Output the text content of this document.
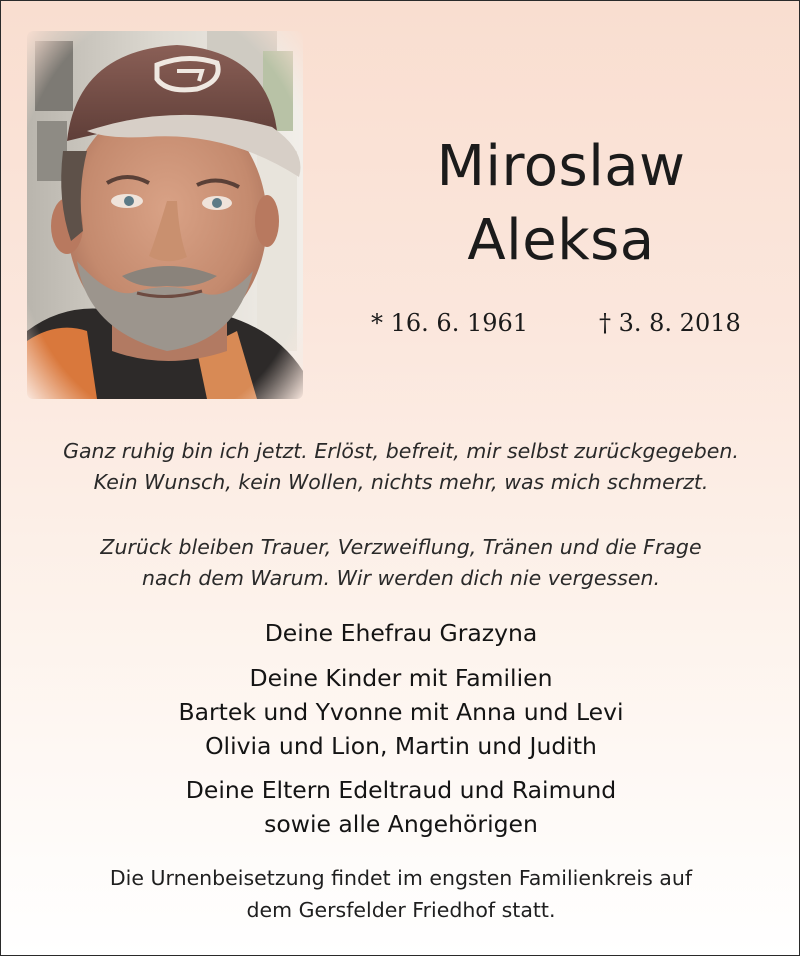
Miroslaw
Aleksa
* 16. 6. 1961	† 3. 8. 2018
Ganz ruhig bin ich jetzt. Erlöst, befreit, mir selbst zurückgegeben.
Kein Wunsch, kein Wollen, nichts mehr, was mich schmerzt.
Zurück bleiben Trauer, Verzweiflung, Tränen und die Frage
nach dem Warum. Wir werden dich nie vergessen.
Deine Ehefrau Grazyna
Deine Kinder mit Familien
Bartek und Yvonne mit Anna und Levi
Olivia und Lion, Martin und Judith
Deine Eltern Edeltraud und Raimund
sowie alle Angehörigen
Die Urnenbeisetzung findet im engsten Familienkreis auf
dem Gersfelder Friedhof statt.
